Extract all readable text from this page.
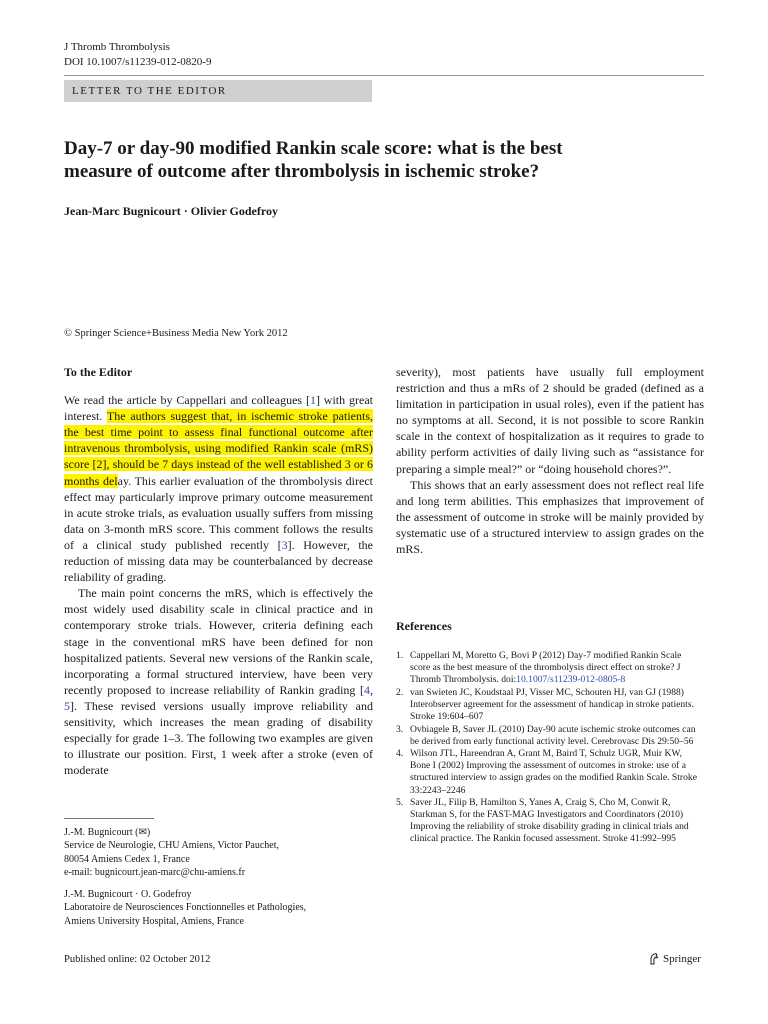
J Thromb Thrombolysis
DOI 10.1007/s11239-012-0820-9
LETTER TO THE EDITOR
Day-7 or day-90 modified Rankin scale score: what is the best
measure of outcome after thrombolysis in ischemic stroke?
Jean-Marc Bugnicourt · Olivier Godefroy
© Springer Science+Business Media New York 2012

To the Editor

We read the article by Cappellari and colleagues [1] with great interest. The authors suggest that, in ischemic stroke patients, the best time point to assess final functional outcome after intravenous thrombolysis, using modified Rankin scale (mRS) score [2], should be 7 days instead of the well established 3 or 6 months delay. This earlier evaluation of the thrombolysis direct effect may particularly improve primary outcome measurement in acute stroke trials, as evaluation usually suffers from missing data on 3-month mRS score. This comment follows the results of a clinical study published recently [3]. However, the reduction of missing data may be counterbalanced by decrease reliability of grading.

The main point concerns the mRS, which is effectively the most widely used disability scale in clinical practice and in contemporary stroke trials. However, criteria defining each stage in the conventional mRS have been defined for non hospitalized patients. Several new versions of the Rankin scale, incorporating a formal structured interview, have been very recently proposed to increase reliability of Rankin grading [4, 5]. These revised versions usually improve reliability and sensitivity, which increases the mean grading of disability especially for grade 1–3. The following two examples are given to illustrate our position. First, 1 week after a stroke (even of moderate

J.-M. Bugnicourt (✉)
Service de Neurologie, CHU Amiens, Victor Pauchet,
80054 Amiens Cedex 1, France
e-mail: bugnicourt.jean-marc@chu-amiens.fr
J.-M. Bugnicourt · O. Godefroy
Laboratoire de Neurosciences Fonctionnelles et Pathologies,
Amiens University Hospital, Amiens, France

severity), most patients have usually full employment restriction and thus a mRs of 2 should be graded (defined as a limitation in participation in usual roles), even if the patient has no symptoms at all. Second, it is not possible to score Rankin scale in the context of hospitalization as it requires to grade to ability perform activities of daily living such as “assistance for preparing a simple meal?” or “doing household chores?”.

This shows that an early assessment does not reflect real life and long term abilities. This emphasizes that improvement of the assessment of outcome in stroke will be mainly provided by systematic use of a structured interview to assign grades on the mRS.

References
1. Cappellari M, Moretto G, Bovi P (2012) Day-7 modified Rankin Scale score as the best measure of the thrombolysis direct effect on stroke? J Thromb Thrombolysis. doi:10.1007/s11239-012-0805-8
2. van Swieten JC, Koudstaal PJ, Visser MC, Schouten HJ, van GJ (1988) Interobserver agreement for the assessment of handicap in stroke patients. Stroke 19:604–607
3. Ovbiagele B, Saver JL (2010) Day-90 acute ischemic stroke outcomes can be derived from early functional activity level. Cerebrovasc Dis 29:50–56
4. Wilson JTL, Hareendran A, Grant M, Baird T, Schulz UGR, Muir KW, Bone I (2002) Improving the assessment of outcomes in stroke: use of a structured interview to assign grades on the modified Rankin Scale. Stroke 33:2243–2246
5. Saver JL, Filip B, Hamilton S, Yanes A, Craig S, Cho M, Conwit R, Starkman S, for the FAST-MAG Investigators and Coordinators (2010) Improving the reliability of stroke disability grading in clinical trials and clinical practice. The Rankin focused assessment. Stroke 41:992–995
Published online: 02 October 2012	Springer
